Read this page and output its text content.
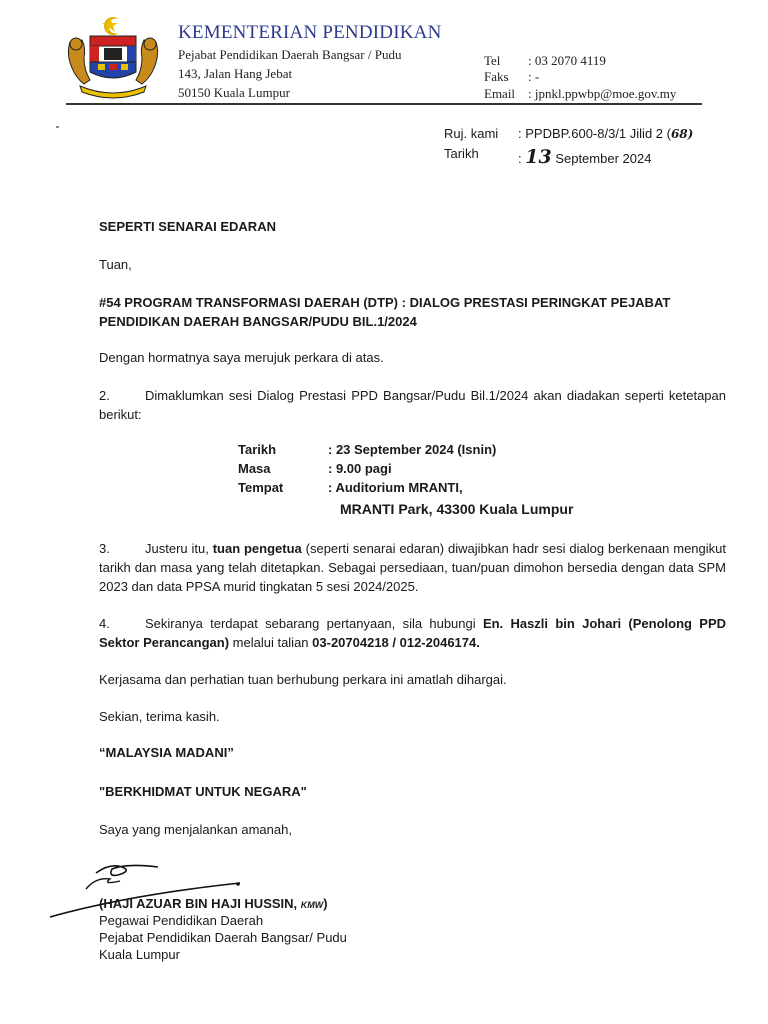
KEMENTERIAN PENDIDIKAN
Pejabat Pendidikan Daerah Bangsar / Pudu
143, Jalan Hang Jebat
50150 Kuala Lumpur
Tel : 03 2070 4119
Faks : -
Email : jpnkl.ppwbp@moe.gov.my
Ruj. kami : PPDBP.600-8/3/1 Jilid 2 (68)
Tarikh	: 13 September 2024
SEPERTI SENARAI EDARAN
Tuan,
#54 PROGRAM TRANSFORMASI DAERAH (DTP) : DIALOG PRESTASI PERINGKAT PEJABAT PENDIDIKAN DAERAH BANGSAR/PUDU BIL.1/2024
Dengan hormatnya saya merujuk perkara di atas.
2.	Dimaklumkan sesi Dialog Prestasi PPD Bangsar/Pudu Bil.1/2024 akan diadakan seperti ketetapan berikut:
Tarikh	: 23 September 2024 (Isnin)
Masa	: 9.00 pagi
Tempat	: Auditorium MRANTI,
MRANTI Park, 43300 Kuala Lumpur
3.	Justeru itu, tuan pengetua (seperti senarai edaran) diwajibkan hadr sesi dialog berkenaan mengikut tarikh dan masa yang telah ditetapkan. Sebagai persediaan, tuan/puan dimohon bersedia dengan data SPM 2023 dan data PPSA murid tingkatan 5 sesi 2024/2025.
4.	Sekiranya terdapat sebarang pertanyaan, sila hubungi En. Haszli bin Johari (Penolong PPD Sektor Perancangan) melalui talian 03-20704218 / 012-2046174.
Kerjasama dan perhatian tuan berhubung perkara ini amatlah dihargai.
Sekian, terima kasih.
“MALAYSIA MADANI”
"BERKHIDMAT UNTUK NEGARA"
Saya yang menjalankan amanah,
(HAJI AZUAR BIN HAJI HUSSIN, KMW)
Pegawai Pendidikan Daerah
Pejabat Pendidikan Daerah Bangsar/ Pudu
Kuala Lumpur
